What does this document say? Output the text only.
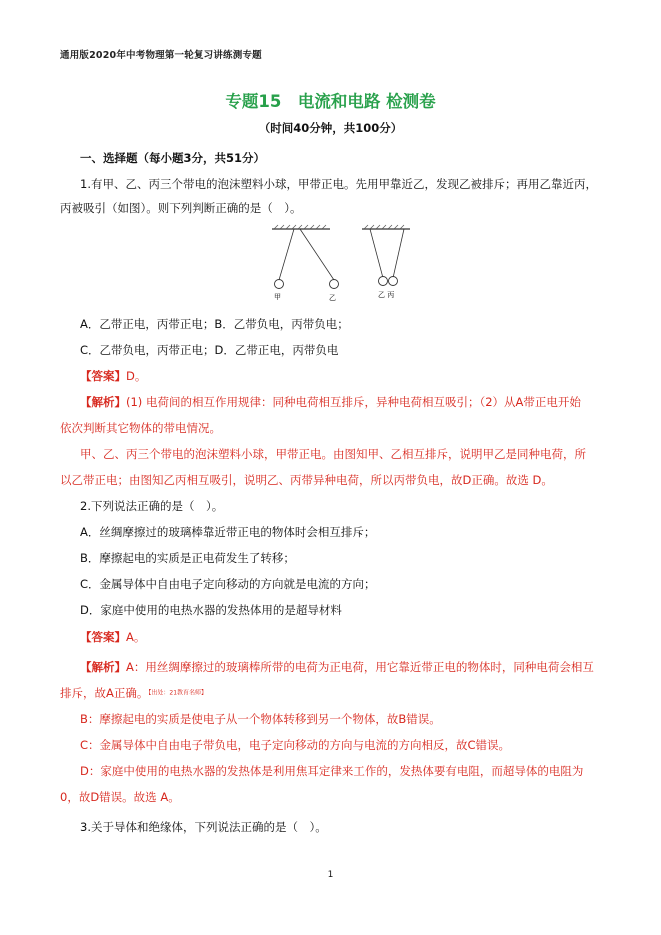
通用版2020年中考物理第一轮复习讲练测专题
专题15　电流和电路 检测卷
（时间40分钟，共100分）
一、选择题（每小题3分，共51分）
1.有甲、乙、丙三个带电的泡沫塑料小球，甲带正电。先用甲靠近乙，发现乙被排斥；再用乙靠近丙，
丙被吸引（如图）。则下列判断正确的是（　）。
甲	乙	乙 丙
A．乙带正电，丙带正电；B．乙带负电，丙带负电；
C．乙带负电，丙带正电；D．乙带正电，丙带负电
【答案】D。
【解析】(1) 电荷间的相互作用规律：同种电荷相互排斥，异种电荷相互吸引；（2）从A带正电开始
依次判断其它物体的带电情况。
甲、乙、丙三个带电的泡沫塑料小球，甲带正电。由图知甲、乙相互排斥，说明甲乙是同种电荷，所
以乙带正电；由图知乙丙相互吸引，说明乙、丙带异种电荷，所以丙带负电，故D正确。故选 D。
2.下列说法正确的是（　）。
A．丝绸摩擦过的玻璃棒靠近带正电的物体时会相互排斥；
B．摩擦起电的实质是正电荷发生了转移；
C．金属导体中自由电子定向移动的方向就是电流的方向；
D．家庭中使用的电热水器的发热体用的是超导材料
【答案】A。
【解析】A：用丝绸摩擦过的玻璃棒所带的电荷为正电荷，用它靠近带正电的物体时，同种电荷会相互
排斥，故A正确。【出处：21教育名师】
B：摩擦起电的实质是使电子从一个物体转移到另一个物体，故B错误。
C：金属导体中自由电子带负电，电子定向移动的方向与电流的方向相反，故C错误。
D：家庭中使用的电热水器的发热体是利用焦耳定律来工作的，发热体要有电阻，而超导体的电阻为
0，故D错误。故选 A。
3.关于导体和绝缘体，下列说法正确的是（　）。
1
